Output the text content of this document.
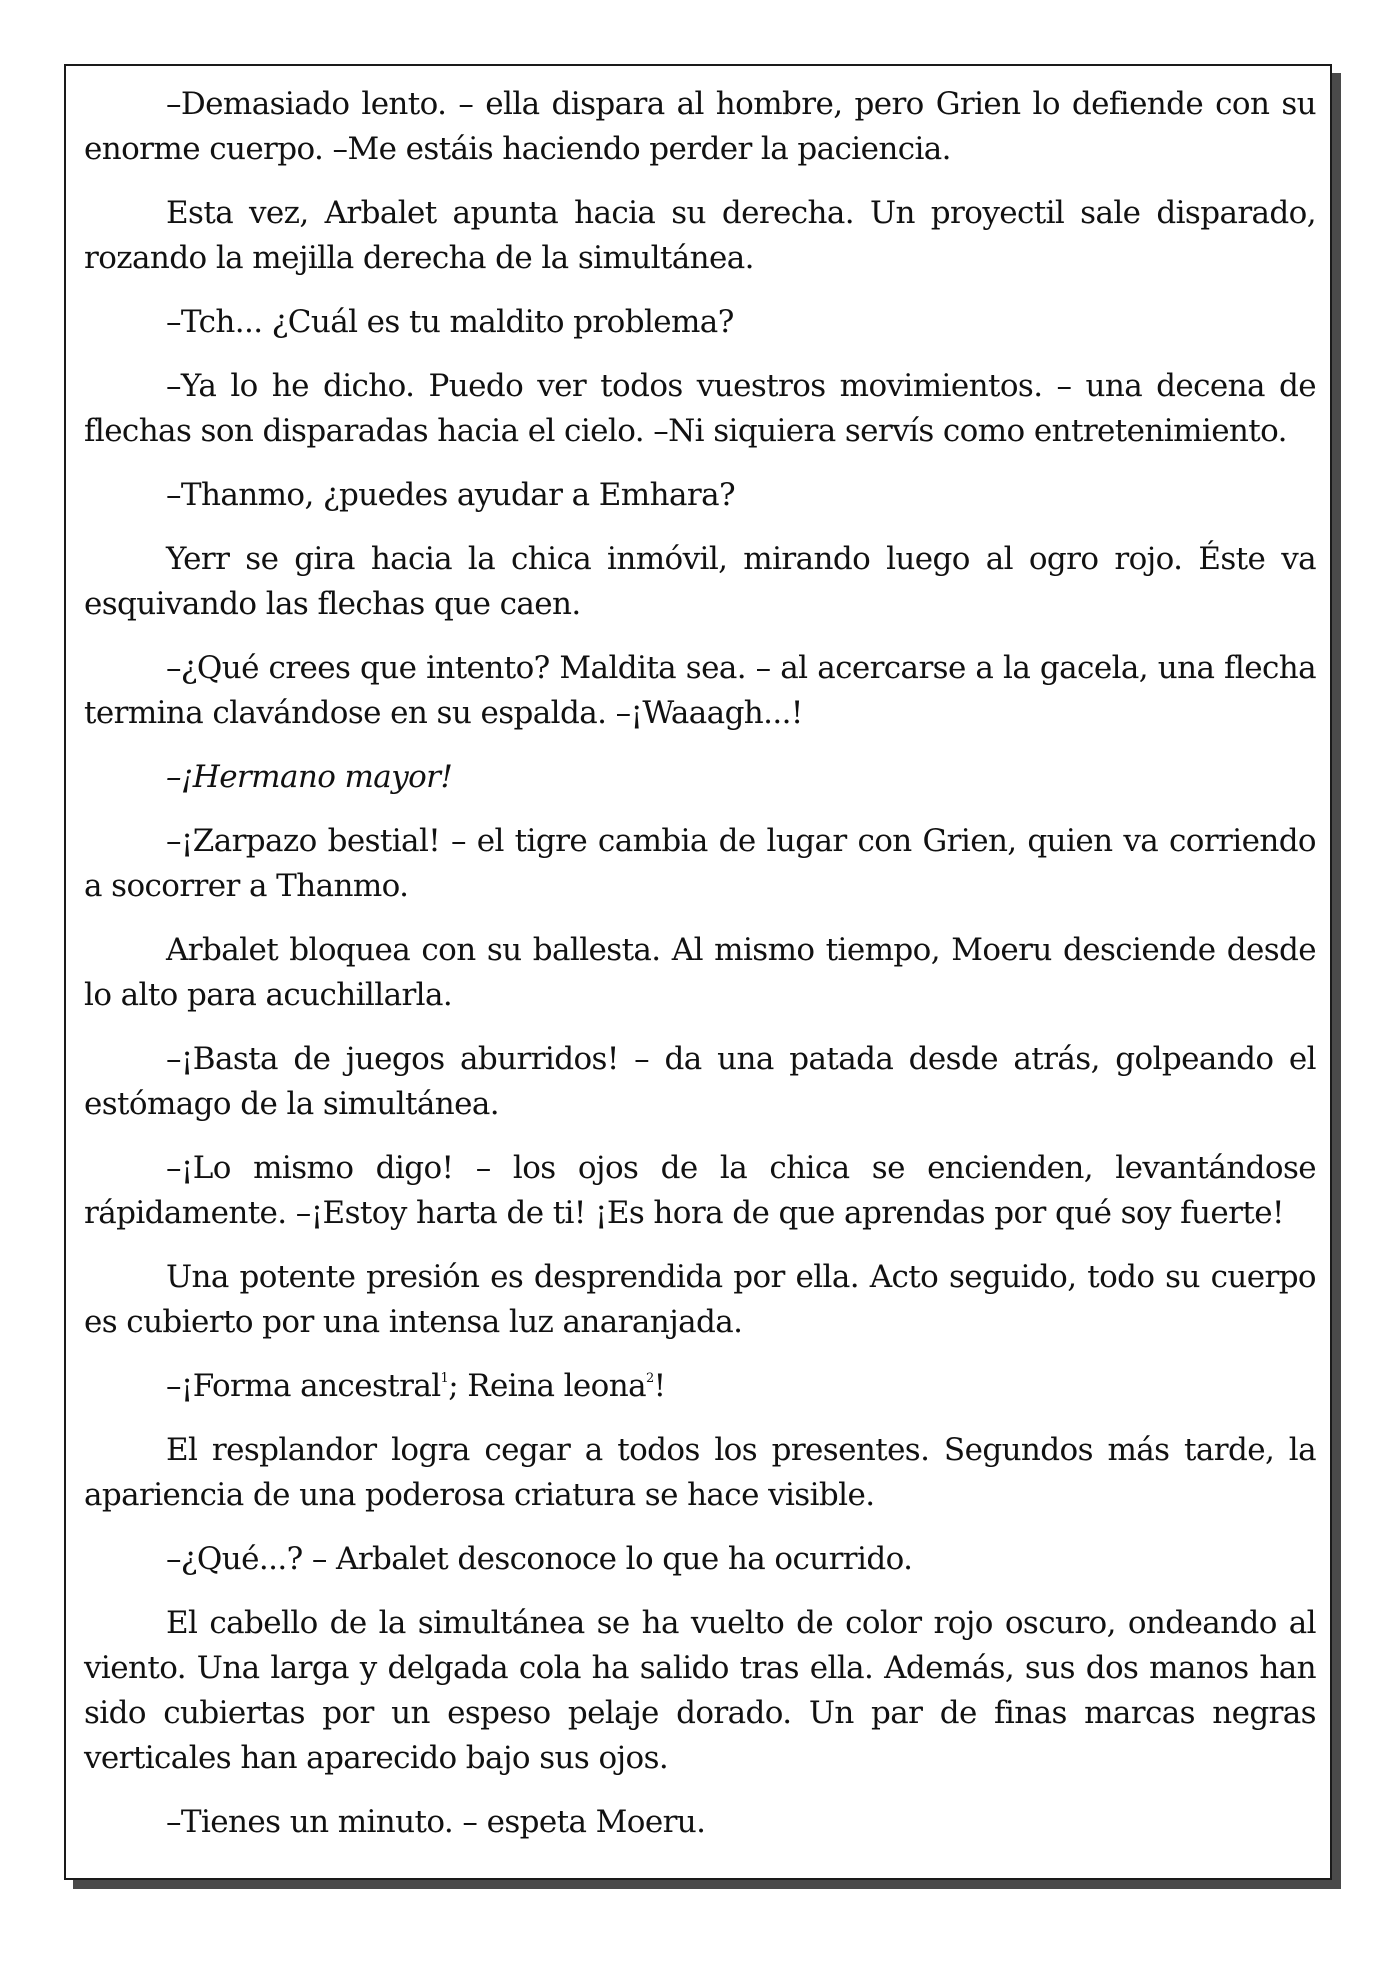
–Demasiado lento. – ella dispara al hombre, pero Grien lo defiende con su enorme cuerpo. –Me estáis haciendo perder la paciencia.

Esta vez, Arbalet apunta hacia su derecha. Un proyectil sale disparado, rozando la mejilla derecha de la simultánea.

–Tch... ¿Cuál es tu maldito problema?

–Ya lo he dicho. Puedo ver todos vuestros movimientos. – una decena de flechas son disparadas hacia el cielo. –Ni siquiera servís como entretenimiento.

–Thanmo, ¿puedes ayudar a Emhara?

Yerr se gira hacia la chica inmóvil, mirando luego al ogro rojo. Éste va esquivando las flechas que caen.

–¿Qué crees que intento? Maldita sea. – al acercarse a la gacela, una flecha termina clavándose en su espalda. –¡Waaagh...!

–¡Hermano mayor!

–¡Zarpazo bestial! – el tigre cambia de lugar con Grien, quien va corriendo a socorrer a Thanmo.

Arbalet bloquea con su ballesta. Al mismo tiempo, Moeru desciende desde lo alto para acuchillarla.

–¡Basta de juegos aburridos! – da una patada desde atrás, golpeando el estómago de la simultánea.

–¡Lo mismo digo! – los ojos de la chica se encienden, levantándose rápidamente. –¡Estoy harta de ti! ¡Es hora de que aprendas por qué soy fuerte!

Una potente presión es desprendida por ella. Acto seguido, todo su cuerpo es cubierto por una intensa luz anaranjada.

–¡Forma ancestral$^1$; Reina leona$^2$!

El resplandor logra cegar a todos los presentes. Segundos más tarde, la apariencia de una poderosa criatura se hace visible.

–¿Qué...? – Arbalet desconoce lo que ha ocurrido.

El cabello de la simultánea se ha vuelto de color rojo oscuro, ondeando al viento. Una larga y delgada cola ha salido tras ella. Además, sus dos manos han sido cubiertas por un espeso pelaje dorado. Un par de finas marcas negras verticales han aparecido bajo sus ojos.

–Tienes un minuto. – espeta Moeru.
